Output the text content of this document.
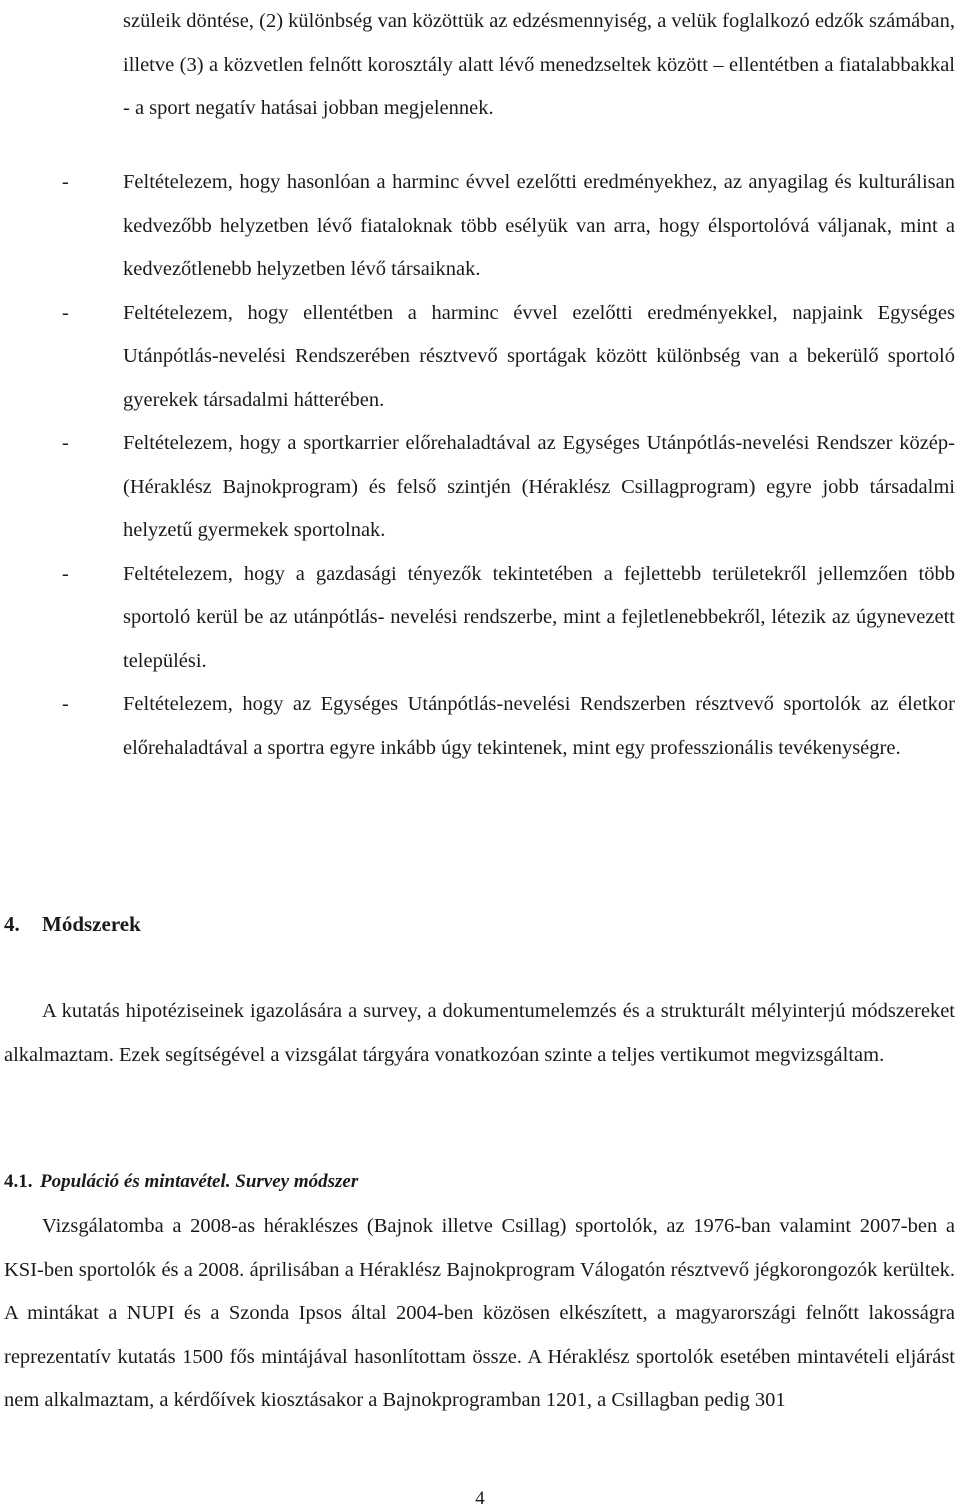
szüleik döntése, (2) különbség van közöttük az edzésmennyiség, a velük foglalkozó edzők számában, illetve (3) a közvetlen felnőtt korosztály alatt lévő menedzseltek között – ellentétben a fiatalabbakkal - a sport negatív hatásai jobban megjelennek.

-	Feltételezem, hogy hasonlóan a harminc évvel ezelőtti eredményekhez, az anyagilag és kulturálisan kedvezőbb helyzetben lévő fiataloknak több esélyük van arra, hogy élsportolóvá váljanak, mint a kedvezőtlenebb helyzetben lévő társaiknak.
-	Feltételezem, hogy ellentétben a harminc évvel ezelőtti eredményekkel, napjaink Egységes Utánpótlás-nevelési Rendszerében résztvevő sportágak között különbség van a bekerülő sportoló gyerekek társadalmi hátterében.
-	Feltételezem, hogy a sportkarrier előrehaladtával az Egységes Utánpótlás-nevelési Rendszer közép- (Héraklész Bajnokprogram) és felső szintjén (Héraklész Csillagprogram) egyre jobb társadalmi helyzetű gyermekek sportolnak.
-	Feltételezem, hogy a gazdasági tényezők tekintetében a fejlettebb területekről jellemzően több sportoló kerül be az utánpótlás- nevelési rendszerbe, mint a fejletlenebbekről, létezik az úgynevezett települési.
-	Feltételezem, hogy az Egységes Utánpótlás-nevelési Rendszerben résztvevő sportolók az életkor előrehaladtával a sportra egyre inkább úgy tekintenek, mint egy professzionális tevékenységre.
4. Módszerek

A kutatás hipotéziseinek igazolására a survey, a dokumentumelemzés és a strukturált mélyinterjú módszereket alkalmaztam. Ezek segítségével a vizsgálat tárgyára vonatkozóan szinte a teljes vertikumot megvizsgáltam.

4.1. Populáció és mintavétel. Survey módszer

Vizsgálatomba a 2008-as héraklészes (Bajnok illetve Csillag) sportolók, az 1976-ban valamint 2007-ben a KSI-ben sportolók és a 2008. áprilisában a Héraklész Bajnokprogram Válogatón résztvevő jégkorongozók kerültek. A mintákat a NUPI és a Szonda Ipsos által 2004-ben közösen elkészített, a magyarországi felnőtt lakosságra reprezentatív kutatás 1500 fős mintájával hasonlítottam össze. A Héraklész sportolók esetében mintavételi eljárást nem alkalmaztam, a kérdőívek kiosztásakor a Bajnokprogramban 1201, a Csillagban pedig 301

4
